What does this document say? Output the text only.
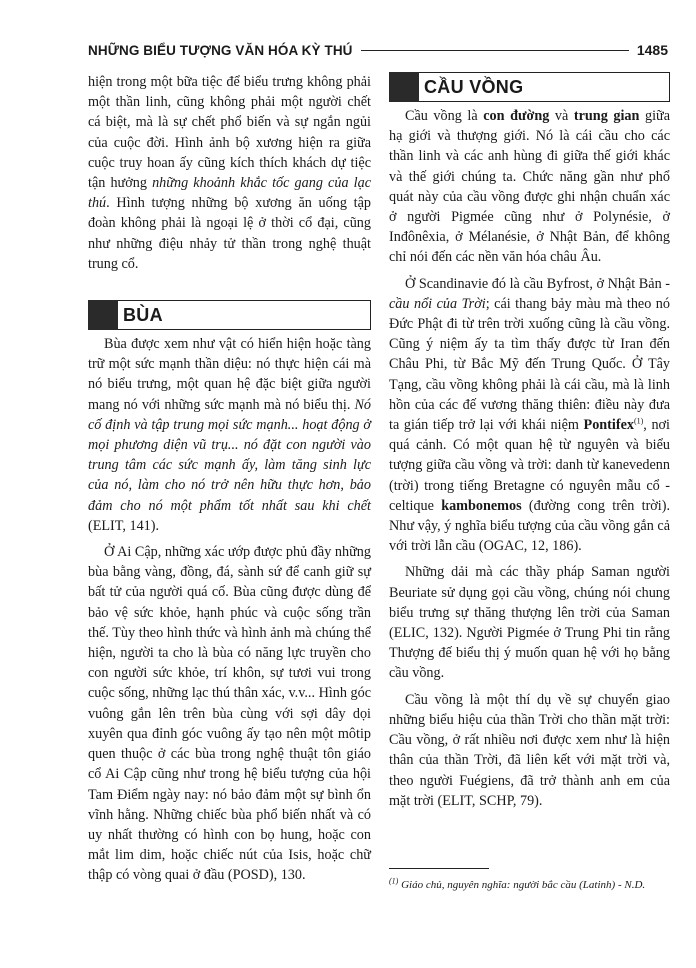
NHỮNG BIỂU TƯỢNG VĂN HÓA KỲ THÚ	1485

hiện trong một bữa tiệc để biểu trưng không phải một thần linh, cũng không phải một người chết cá biệt, mà là sự chết phổ biến và sự ngắn ngủi của cuộc đời. Hình ảnh bộ xương hiện ra giữa cuộc truy hoan ấy cũng kích thích khách dự tiệc tận hưởng những khoảnh khắc tốc gang của lạc thú. Hình tượng những bộ xương ăn uống tập đoàn không phải là ngoại lệ ở thời cổ đại, cũng như những điệu nhảy tử thần trong nghệ thuật trung cổ.

BÙA

Bùa được xem như vật có hiển hiện hoặc tàng trữ một sức mạnh thần diệu: nó thực hiện cái mà nó biểu trưng, một quan hệ đặc biệt giữa người mang nó với những sức mạnh mà nó biểu thị. Nó cố định và tập trung mọi sức mạnh... hoạt động ở mọi phương diện vũ trụ... nó đặt con người vào trung tâm các sức mạnh ấy, làm tăng sinh lực của nó, làm cho nó trở nên hữu thực hơn, bảo đảm cho nó một phẩm tốt nhất sau khi chết (ELIT, 141).

Ở Ai Cập, những xác ướp được phủ đầy những bùa bằng vàng, đồng, đá, sành sứ để canh giữ sự bất tử của người quá cố. Bùa cũng được dùng để bảo vệ sức khỏe, hạnh phúc và cuộc sống trần thế. Tùy theo hình thức và hình ảnh mà chúng thể hiện, người ta cho là bùa có năng lực truyền cho con người sức khỏe, trí khôn, sự tươi vui trong cuộc sống, những lạc thú thân xác, v.v... Hình góc vuông gắn lên trên bùa cùng với sợi dây dọi xuyên qua đỉnh góc vuông ấy tạo nên một môtip quen thuộc ở các bùa trong nghệ thuật tôn giáo cổ Ai Cập cũng như trong hệ biểu tượng của hội Tam Điểm ngày nay: nó bảo đảm một sự bình ổn vĩnh hằng. Những chiếc bùa phổ biến nhất và có uy nhất thường có hình con bọ hung, hoặc con mắt lim dim, hoặc chiếc nút của Isis, hoặc chữ thập có vòng quai ở đầu (POSD), 130.

CẦU VỒNG

Cầu vồng là con đường và trung gian giữa hạ giới và thượng giới. Nó là cái cầu cho các thần linh và các anh hùng đi giữa thế giới khác và thế giới chúng ta. Chức năng gần như phổ quát này của cầu vồng được ghi nhận chuẩn xác ở người Pigmée cũng như ở Polynésie, ở Inđônêxia, ở Mélanésie, ở Nhật Bản, để không chỉ nói đến các nền văn hóa châu Âu.

Ở Scandinavie đó là cầu Byfrost, ở Nhật Bản - cầu nổi của Trời; cái thang bảy màu mà theo nó Đức Phật đi từ trên trời xuống cũng là cầu vồng. Cũng ý niệm ấy ta tìm thấy được từ Iran đến Châu Phi, từ Bắc Mỹ đến Trung Quốc. Ở Tây Tạng, cầu vồng không phải là cái cầu, mà là linh hồn của các đế vương thăng thiên: điều này đưa ta gián tiếp trở lại với khái niệm Pontifex$^{(1)}$, nơi quá cảnh. Có một quan hệ từ nguyên và biểu tượng giữa cầu vồng và trời: danh từ kanevedenn (trời) trong tiếng Bretagne có nguyên mẫu cổ - celtique kambonemos (đường cong trên trời). Như vậy, ý nghĩa biểu tượng của cầu vồng gắn cả với trời lẫn cầu (OGAC, 12, 186).

Những dải mà các thầy pháp Saman người Beuriate sử dụng gọi cầu vồng, chúng nói chung biểu trưng sự thăng thượng lên trời của Saman (ELIC, 132). Người Pigmée ở Trung Phi tin rằng Thượng đế biểu thị ý muốn quan hệ với họ bằng cầu vồng.

Cầu vồng là một thí dụ về sự chuyển giao những biểu hiệu của thần Trời cho thần mặt trời: Cầu vồng, ở rất nhiều nơi được xem như là hiện thân của thần Trời, đã liên kết với mặt trời và, theo người Fuégiens, đã trở thành anh em của mặt trời (ELIT, SCHP, 79).

$^{(1)}$ Giáo chủ, nguyên nghĩa: người bắc cầu (Latinh) - N.D.
